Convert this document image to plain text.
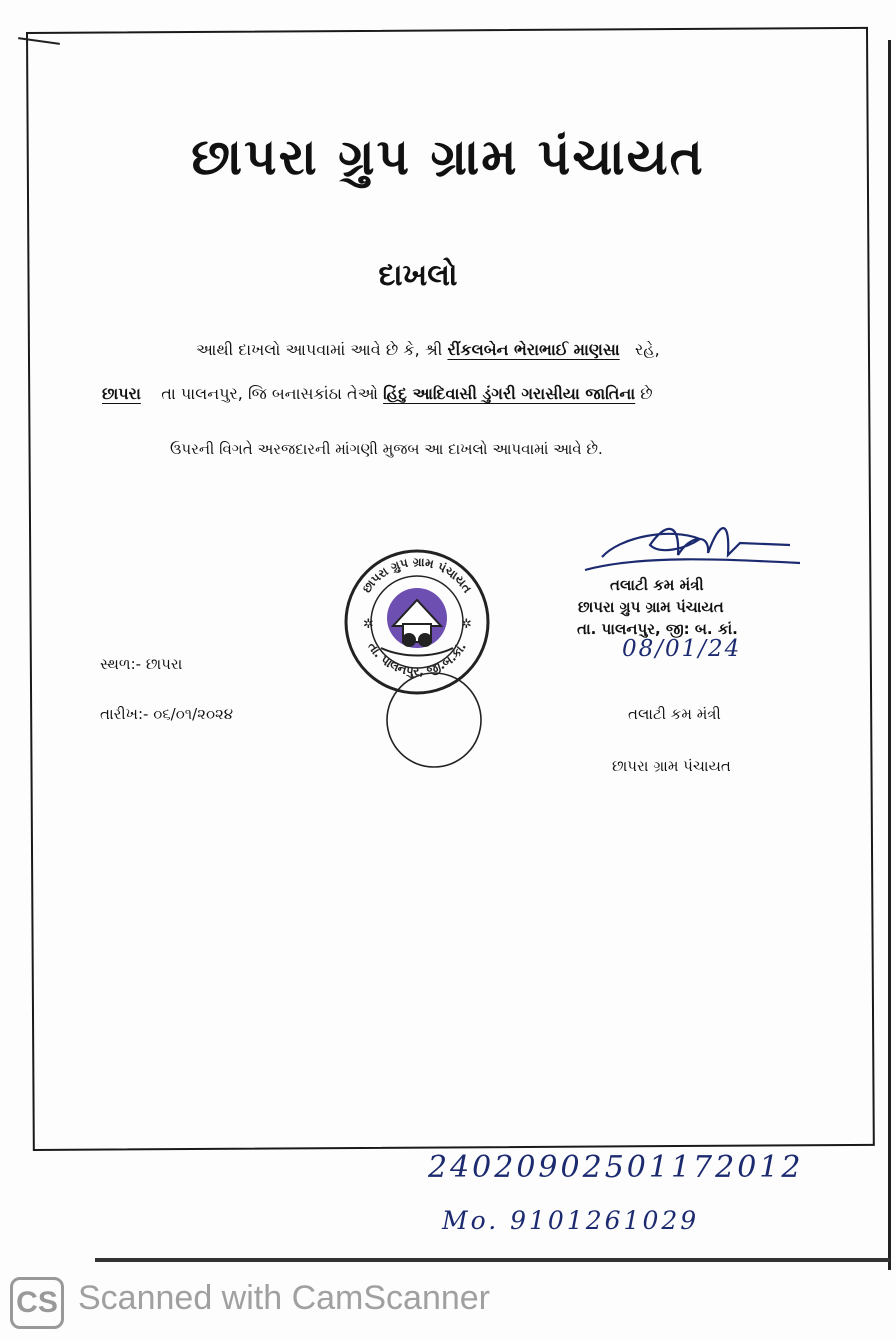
છાપરા ગ્રુપ ગ્રામ પંચાયત
દાખલો
આથી દાખલો આપવામાં આવે છે કે, શ્રી રીંકલબેન ભેરાભાઈ માણસા રહે,
છાપરા તા પાલનપુર, જિ બનાસકાંઠા તેઓ હિંદુ આદિવાસી ડુંગરી ગરાસીયા જાતિના છે
ઉપરની વિગતે અરજદારની માંગણી મુજબ આ દાખલો આપવામાં આવે છે.
તલાટી કમ મંત્રી
છાપરા ગ્રુપ ગ્રામ પંચાયત
તા. પાલનપુર, જી: બ. કાં.
08/01/24
✲	✲
છાપરા ગ્રુપ ગ્રામ પંચાયત
તા. પાલનપુર, જી.બ.કાં.
સ્થળ:- છાપરા
તારીખ:- ૦૬/૦૧/૨૦૨૪	તલાટી કમ મંત્રી
છાપરા ગ્રામ પંચાયત
24020902501172012
Mo. 9101261029
CS Scanned with CamScanner
